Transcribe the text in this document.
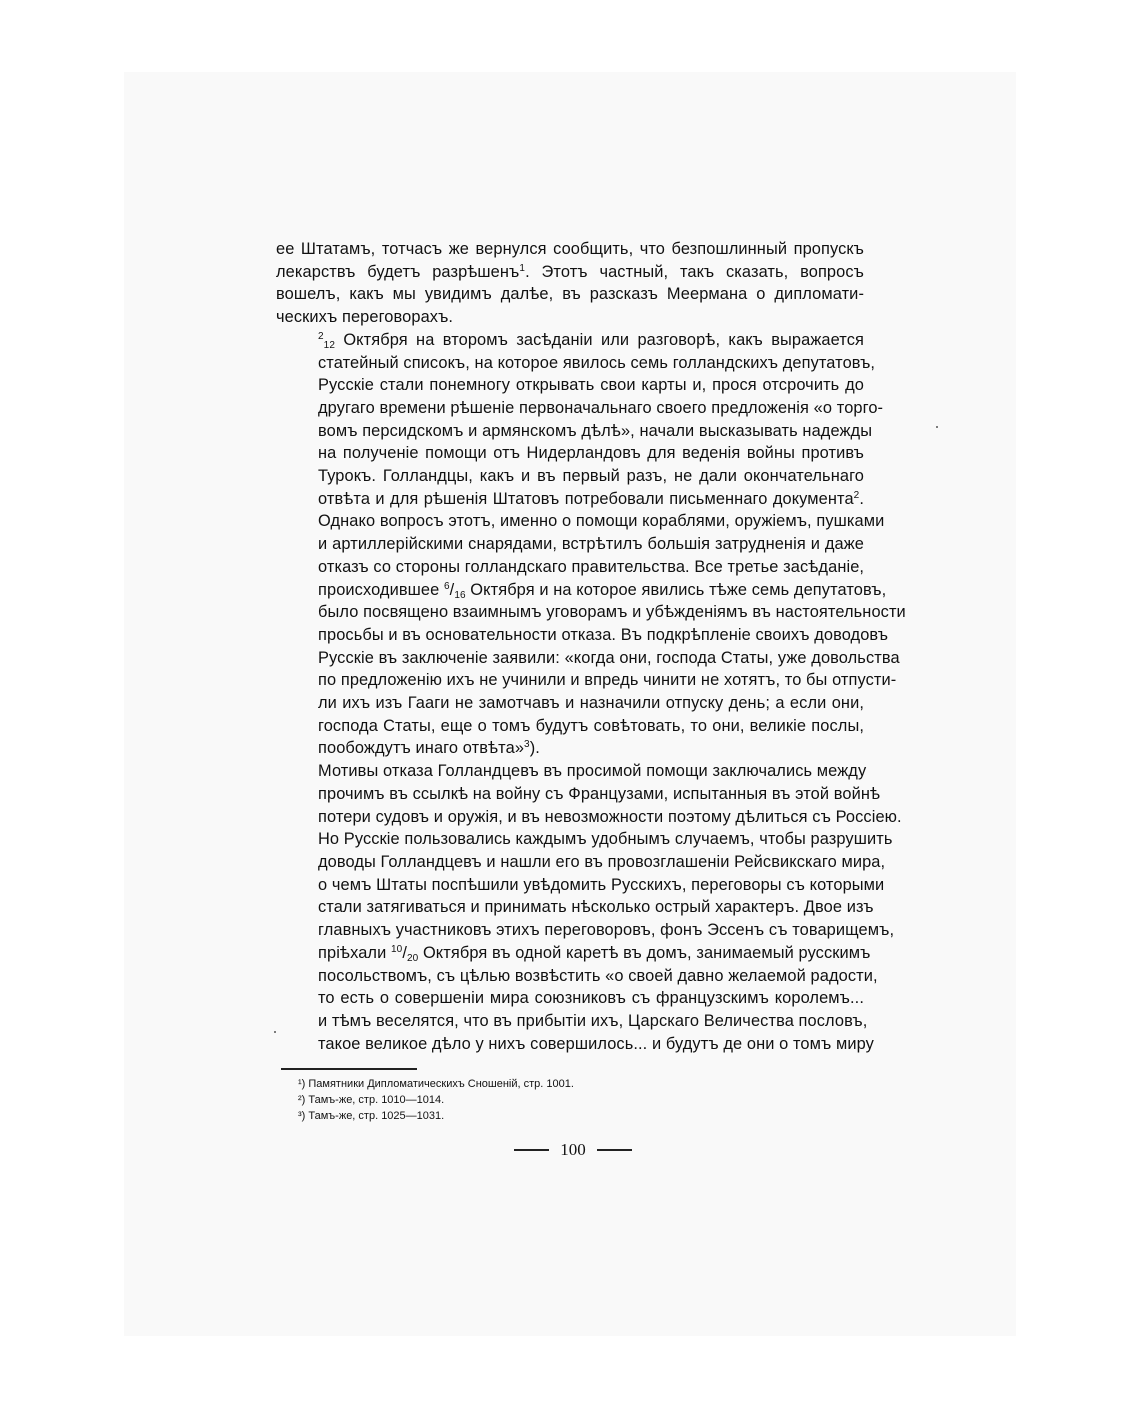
ее Штатамъ, тотчасъ же вернулся сообщить, что безпошлинный пропускъ
лекарствъ будетъ разрѣшенъ$^1$. Этотъ частный, такъ сказать, вопросъ
вошелъ, какъ мы увидимъ далѣе, въ разсказъ Меермана о дипломати-
ческихъ переговорахъ.

$^2_{12}$ Октября на второмъ засѣданіи или разговорѣ, какъ выражается
статейный списокъ, на которое явилось семь голландскихъ депутатовъ,
Русскіе стали понемногу открывать свои карты и, прося отсрочить до
другаго времени рѣшеніе первоначальнаго своего предложенія «о торго-
вомъ персидскомъ и армянскомъ дѣлѣ», начали высказывать надежды
на полученіе помощи отъ Нидерландовъ для веденія войны противъ
Турокъ. Голландцы, какъ и въ первый разъ, не дали окончательнаго
отвѣта и для рѣшенія Штатовъ потребовали письменнаго документа$^2$.
Однако вопросъ этотъ, именно о помощи кораблями, оружіемъ, пушками
и артиллерійскими снарядами, встрѣтилъ большія затрудненія и даже
отказъ со стороны голландскаго правительства. Все третье засѣданіе,
происходившее $^6/_{16}$ Октября и на которое явились тѣже семь депутатовъ,
было посвящено взаимнымъ уговорамъ и убѣжденіямъ въ настоятельности
просьбы и въ основательности отказа. Въ подкрѣпленіе своихъ доводовъ
Русскіе въ заключеніе заявили: «когда они, господа Статы, уже довольства
по предложенію ихъ не учинили и впредь чинити не хотятъ, то бы отпусти-
ли ихъ изъ Гааги не замотчавъ и назначили отпуску день; а если они,
господа Статы, еще о томъ будутъ совѣтовать, то они, великіе послы,
пообождутъ инаго отвѣта»$^3$).

Мотивы отказа Голландцевъ въ просимой помощи заключались между
прочимъ въ ссылкѣ на войну съ Французами, испытанныя въ этой войнѣ
потери судовъ и оружія, и въ невозможности поэтому дѣлиться съ Россіею.
Но Русскіе пользовались каждымъ удобнымъ случаемъ, чтобы разрушить
доводы Голландцевъ и нашли его въ провозглашеніи Рейсвикскаго мира,
о чемъ Штаты поспѣшили увѣдомить Русскихъ, переговоры съ которыми
стали затягиваться и принимать нѣсколько острый характеръ. Двое изъ
главныхъ участниковъ этихъ переговоровъ, фонъ Эссенъ съ товарищемъ,
пріѣхали $^{10}/_{20}$ Октября въ одной каретѣ въ домъ, занимаемый русскимъ
посольствомъ, съ цѣлью возвѣстить «о своей давно желаемой радости,
то есть о совершеніи мира союзниковъ съ французскимъ королемъ...
и тѣмъ веселятся, что въ прибытіи ихъ, Царскаго Величества пословъ,
такое великое дѣло у нихъ совершилось... и будутъ де они о томъ миру

¹) Памятники Дипломатическихъ Сношеній, стр. 1001.
²) Тамъ-же, стр. 1010—1014.
³) Тамъ-же, стр. 1025—1031.
100
